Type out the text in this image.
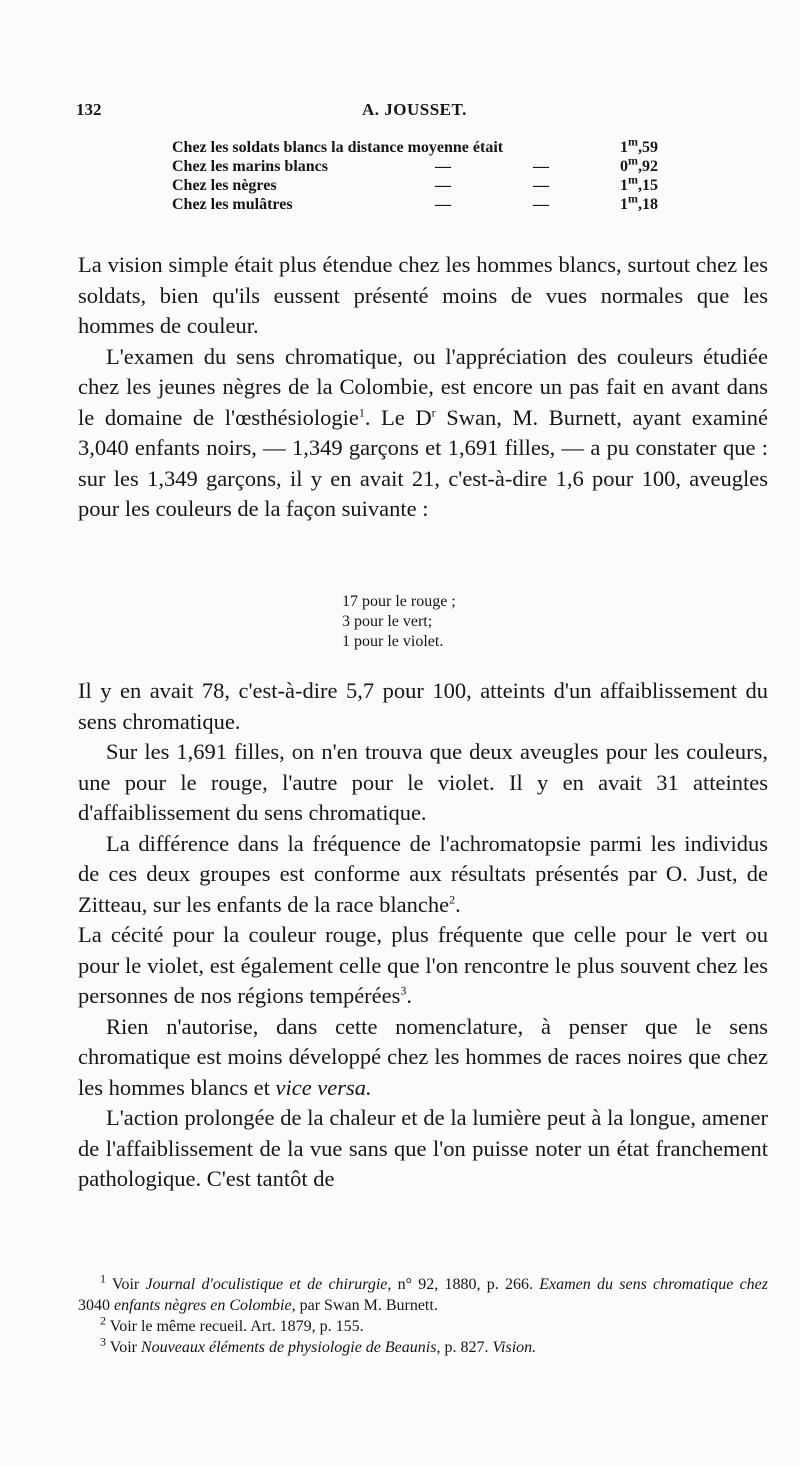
132	A. JOUSSET.
Chez les soldats blancs la distance moyenne était	1$^m$,59
Chez les marins blancs	—	—	0$^m$,92
Chez les nègres	—	—	1$^m$,15
Chez les mulâtres	—	—	1$^m$,18

La vision simple était plus étendue chez les hommes blancs, surtout chez les soldats, bien qu'ils eussent présenté moins de vues normales que les hommes de couleur.

L'examen du sens chromatique, ou l'appréciation des couleurs étudiée chez les jeunes nègres de la Colombie, est encore un pas fait en avant dans le domaine de l'œsthésiologie$^1$. Le $D^r$ Swan, M. Burnett, ayant examiné 3,040 enfants noirs, — 1,349 garçons et 1,691 filles, — a pu constater que : sur les 1,349 garçons, il y en avait 21, c'est-à-dire 1,6 pour 100, aveugles pour les couleurs de la façon suivante :

17 pour le rouge ;
3 pour le vert;
1 pour le violet.

Il y en avait 78, c'est-à-dire 5,7 pour 100, atteints d'un affaiblissement du sens chromatique.

Sur les 1,691 filles, on n'en trouva que deux aveugles pour les couleurs, une pour le rouge, l'autre pour le violet. Il y en avait 31 atteintes d'affaiblissement du sens chromatique.

La différence dans la fréquence de l'achromatopsie parmi les individus de ces deux groupes est conforme aux résultats présentés par O. Just, de Zitteau, sur les enfants de la race blanche$^2$.

La cécité pour la couleur rouge, plus fréquente que celle pour le vert ou pour le violet, est également celle que l'on rencontre le plus souvent chez les personnes de nos régions tempérées$^3$.

Rien n'autorise, dans cette nomenclature, à penser que le sens chromatique est moins développé chez les hommes de races noires que chez les hommes blancs et vice versa.

L'action prolongée de la chaleur et de la lumière peut à la longue, amener de l'affaiblissement de la vue sans que l'on puisse noter un état franchement pathologique. C'est tantôt de

$^1$ Voir Journal d'oculistique et de chirurgie, n° 92, 1880, p. 266. Examen du sens chromatique chez 3040 enfants nègres en Colombie, par Swan M. Burnett.

$^2$ Voir le même recueil. Art. 1879, p. 155.

$^3$ Voir Nouveaux éléments de physiologie de Beaunis, p. 827. Vision.
